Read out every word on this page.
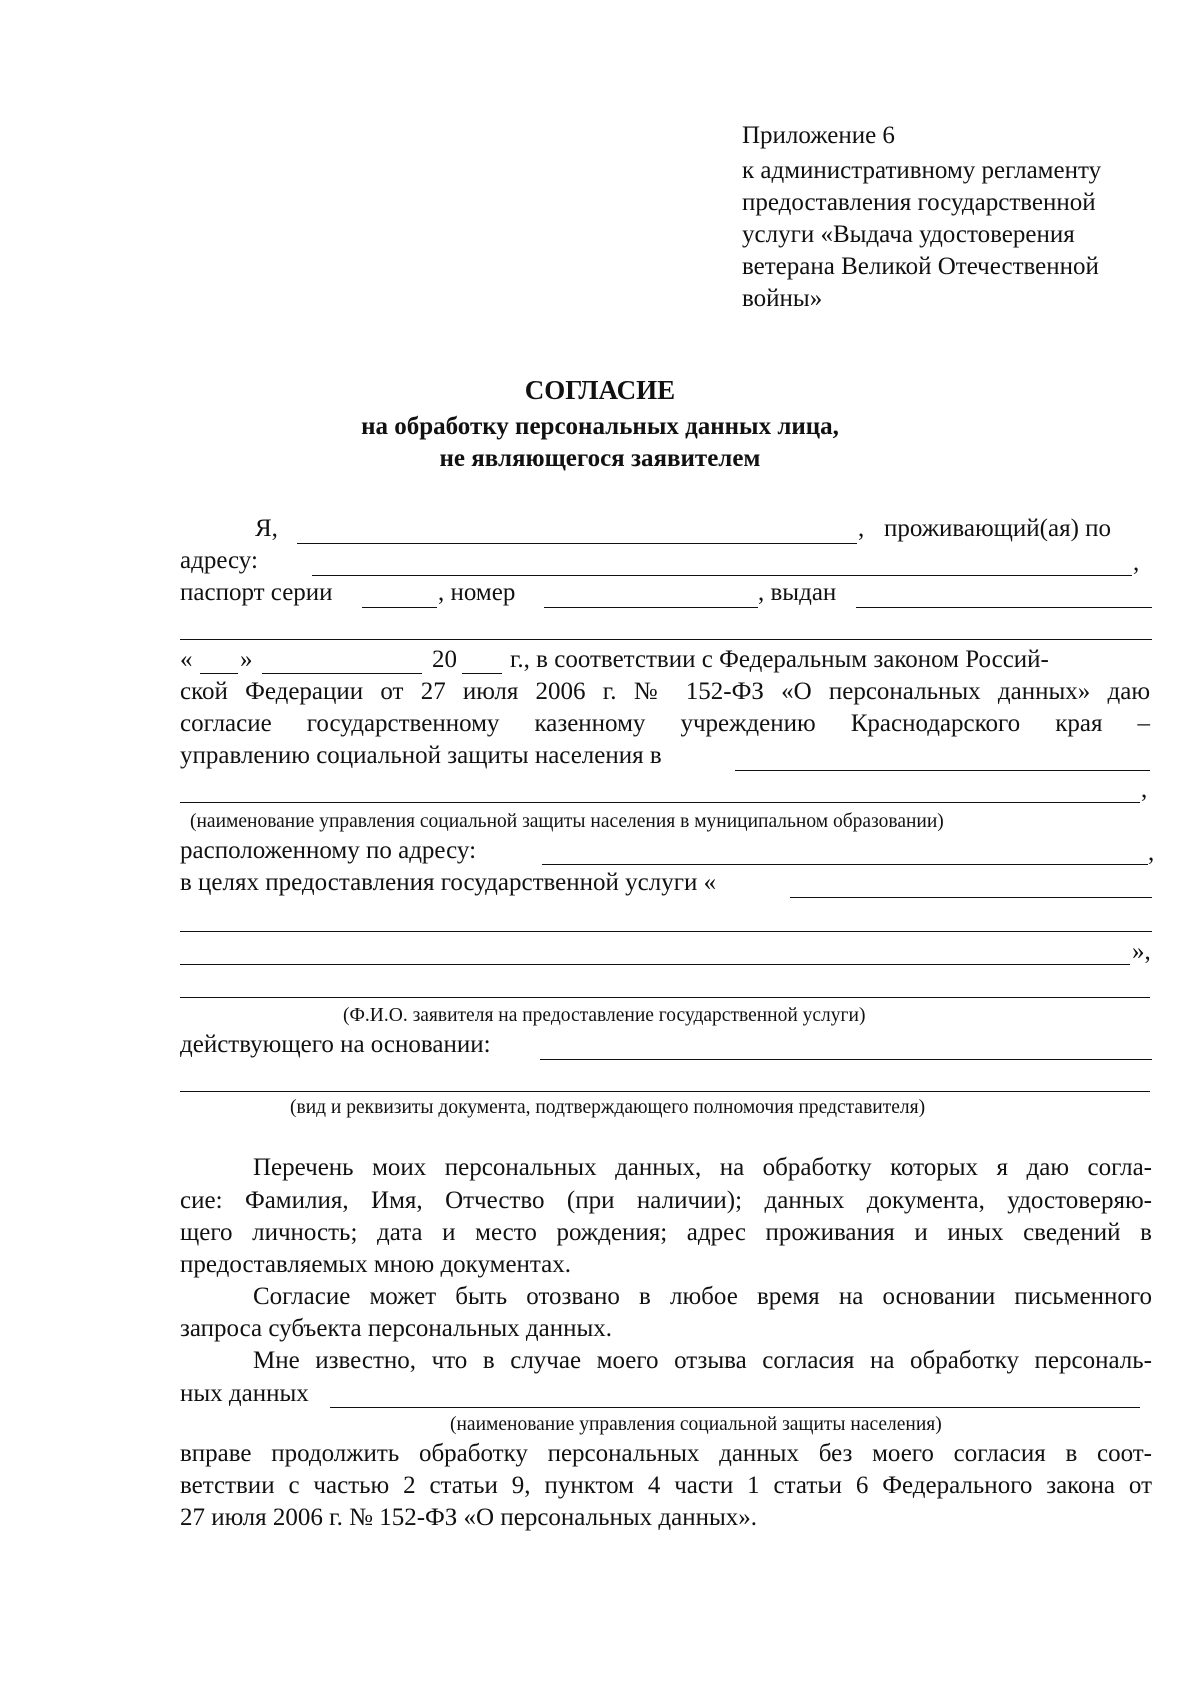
Приложение 6
к административному регламенту
предоставления государственной
услуги «Выдача удостоверения
ветерана Великой Отечественной
войны»
СОГЛАСИЕ
на обработку персональных данных лица,
не являющегося заявителем
Я,	, проживающий(ая) по
адресу:	,
паспорт серии	, номер	, выдан
« »	20 г., в соответствии с Федеральным законом Россий-
ской Федерации от 27 июля 2006 г. № 152-ФЗ «О персональных данных» даю
согласие государственному казенному учреждению Краснодарского края –
управлению социальной защиты населения в
,
(наименование управления социальной защиты населения в муниципальном образовании)
расположенному по адресу:	,
в целях предоставления государственной услуги «
»,
(Ф.И.О. заявителя на предоставление государственной услуги)
действующего на основании:
(вид и реквизиты документа, подтверждающего полномочия представителя)
Перечень моих персональных данных, на обработку которых я даю согла-
сие: Фамилия, Имя, Отчество (при наличии); данных документа, удостоверяю-
щего личность; дата и место рождения; адрес проживания и иных сведений в
предоставляемых мною документах.
Согласие может быть отозвано в любое время на основании письменного
запроса субъекта персональных данных.
Мне известно, что в случае моего отзыва согласия на обработку персональ-
ных данных
(наименование управления социальной защиты населения)
вправе продолжить обработку персональных данных без моего согласия в соот-
ветствии с частью 2 статьи 9, пунктом 4 части 1 статьи 6 Федерального закона от
27 июля 2006 г. № 152-ФЗ «О персональных данных».
